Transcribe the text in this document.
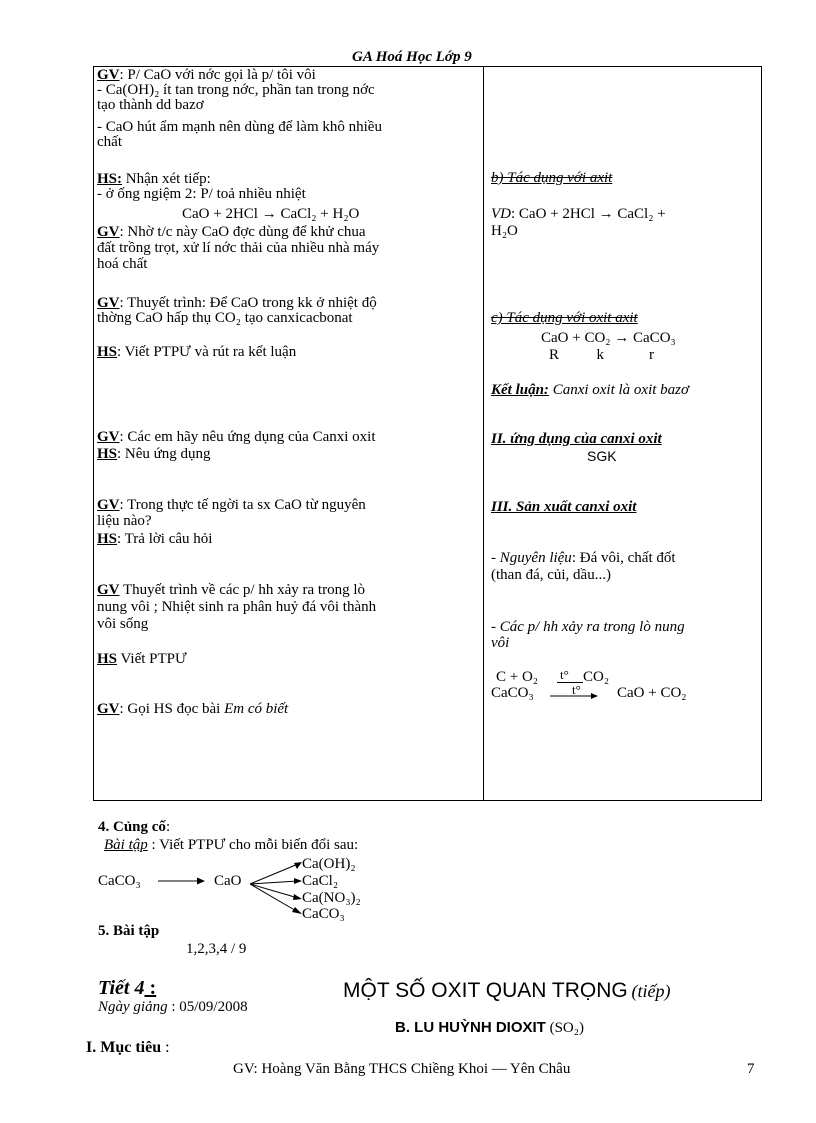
GA Hoá Học Lớp 9
GV: P/ CaO với nớc gọi là p/ tôi vôi
- Ca(OH)₂ ít tan trong nớc, phần tan trong nớc
tạo thành dd bazơ
- CaO hút ẩm mạnh nên dùng để làm khô nhiều
chất
HS: Nhận xét tiếp:
- ở ống ngiệm 2: P/ toả nhiều nhiệt
CaO + 2HCl → CaCl₂ + H₂O
GV: Nhờ t/c này CaO đợc dùng để khử chua
đất trồng trọt, xử lí nớc thải của nhiều nhà máy
hoá chất
GV: Thuyết trình: Để CaO trong kk ở nhiệt độ
thờng CaO hấp thụ CO₂ tạo canxicacbonat
HS: Viết PTPƯ và rút ra kết luận
GV: Các em hãy nêu ứng dụng của Canxi oxit
HS: Nêu ứng dụng
GV: Trong thực tế ngời ta sx CaO từ nguyên
liệu nào?
HS: Trả lời câu hỏi
GV Thuyết trình về các p/ hh xảy ra trong lò
nung vôi ; Nhiệt sinh ra phân huỷ đá vôi thành
vôi sống
HS Viết PTPƯ
GV: Gọi HS đọc bài Em có biết
b) Tác dụng với axit
VD: CaO + 2HCl → CaCl₂ +
H₂O
c) Tác dụng với oxit axit
CaO + CO₂ → CaCO₃
R          k            r
Kết luận: Canxi oxit là oxit bazơ
II. ứng dụng của canxi oxit
SGK
III. Sản xuất canxi oxit
- Nguyên liệu: Đá vôi, chất đốt
(than đá, củi, dầu...)
- Các p/ hh xảy ra trong lò nung
vôi
C + O₂ t° CO₂
CaCO₃	t° CaO + CO₂
4. Củng cố:
Bài tập : Viết PTPƯ cho mỗi biến đổi sau:
CaCO₃	CaO
Ca(OH)₂
CaCl₂
Ca(NO₃)₂
CaCO₃
5. Bài tập
1,2,3,4 / 9
Tiết 4 :
Ngày giảng : 05/09/2008
MỘT SỐ OXIT QUAN TRỌNG (tiếp)
B. LU HUỲNH DIOXIT (SO₂)
I. Mục tiêu :
GV: Hoàng Văn Bằng THCS Chiềng Khoi — Yên Châu	7
